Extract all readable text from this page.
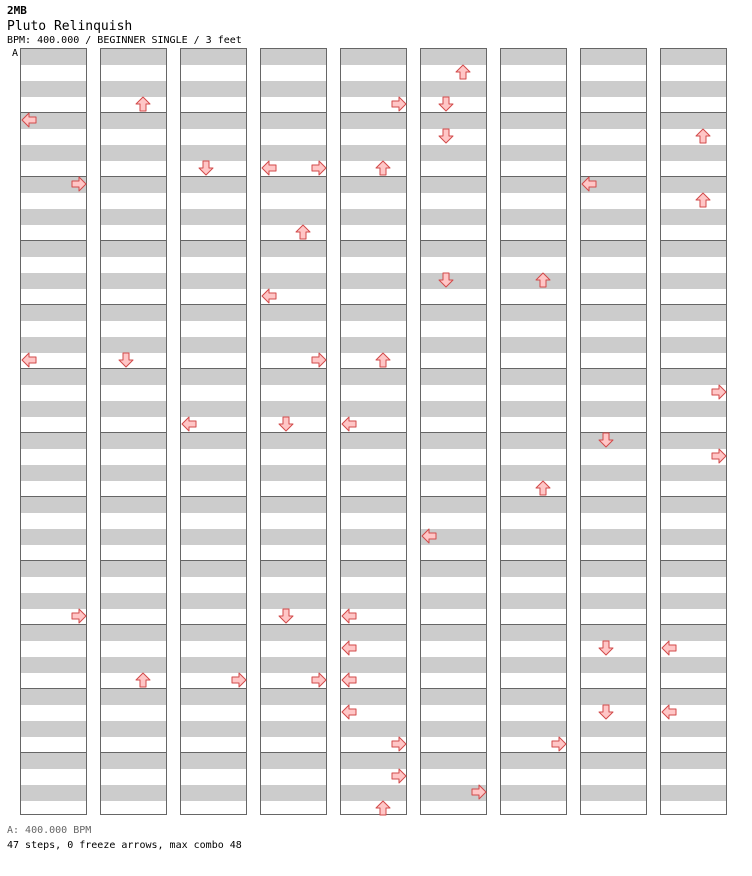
2MB
Pluto Relinquish
BPM: 400.000 / BEGINNER SINGLE / 3 feet
A
A: 400.000 BPM
47 steps, 0 freeze arrows, max combo 48
